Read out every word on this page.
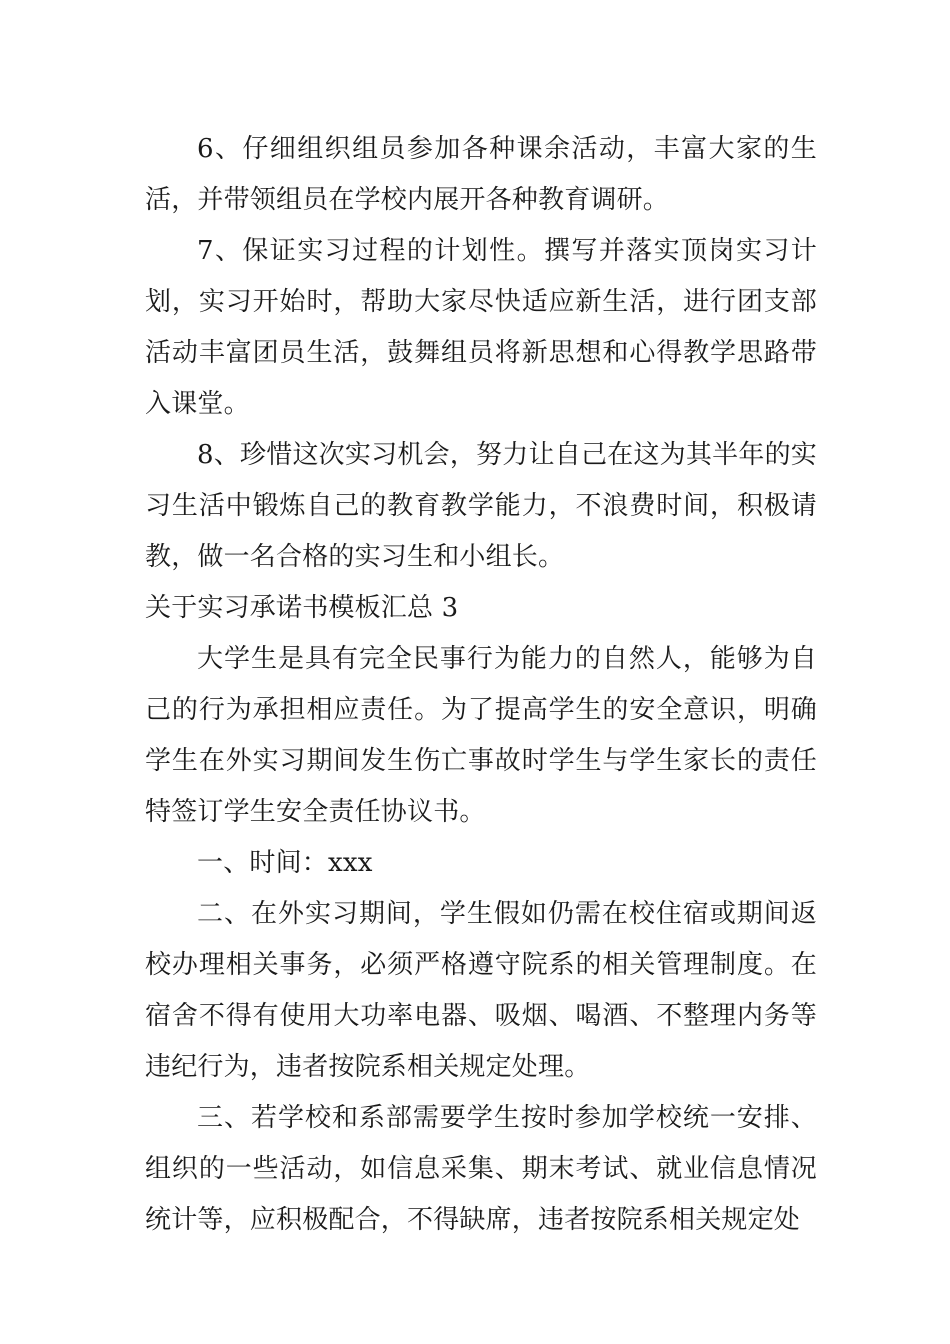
6、仔细组织组员参加各种课余活动，丰富大家的生活，并带领组员在学校内展开各种教育调研。

7、保证实习过程的计划性。撰写并落实顶岗实习计划，实习开始时，帮助大家尽快适应新生活，进行团支部活动丰富团员生活，鼓舞组员将新思想和心得教学思路带入课堂。

8、珍惜这次实习机会，努力让自己在这为其半年的实习生活中锻炼自己的教育教学能力，不浪费时间，积极请教，做一名合格的实习生和小组长。

关于实习承诺书模板汇总 3

大学生是具有完全民事行为能力的自然人，能够为自己的行为承担相应责任。为了提高学生的安全意识，明确学生在外实习期间发生伤亡事故时学生与学生家长的责任特签订学生安全责任协议书。

一、时间：xxx

二、在外实习期间，学生假如仍需在校住宿或期间返校办理相关事务，必须严格遵守院系的相关管理制度。在宿舍不得有使用大功率电器、吸烟、喝酒、不整理内务等违纪行为，违者按院系相关规定处理。

三、若学校和系部需要学生按时参加学校统一安排、组织的一些活动，如信息采集、期末考试、就业信息情况统计等，应积极配合，不得缺席，违者按院系相关规定处
